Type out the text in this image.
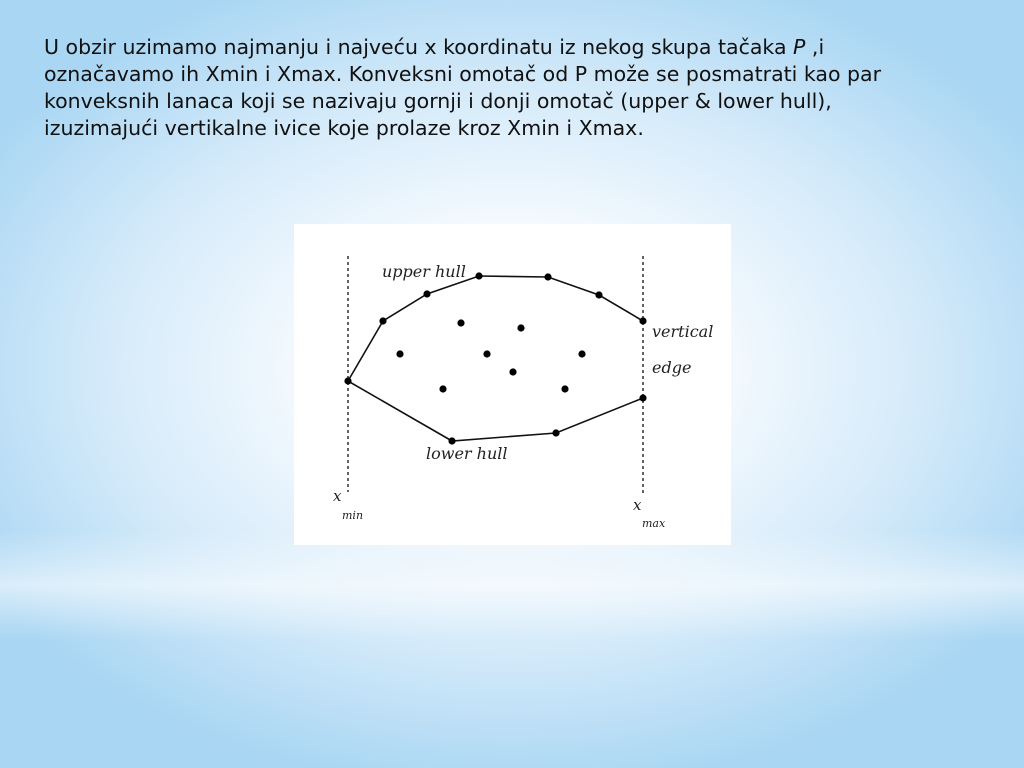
U obzir uzimamo najmanju i najveću x koordinatu iz nekog skupa tačaka P ,i označavamo ih Xmin i Xmax. Konveksni omotač od P može se posmatrati kao par konveksnih lanaca koji se nazivaju gornji i donji omotač (upper & lower hull), izuzimajući vertikalne ivice koje prolaze kroz Xmin i Xmax.
upper hull
lower hull
vertical
edge
x
min
x
max
